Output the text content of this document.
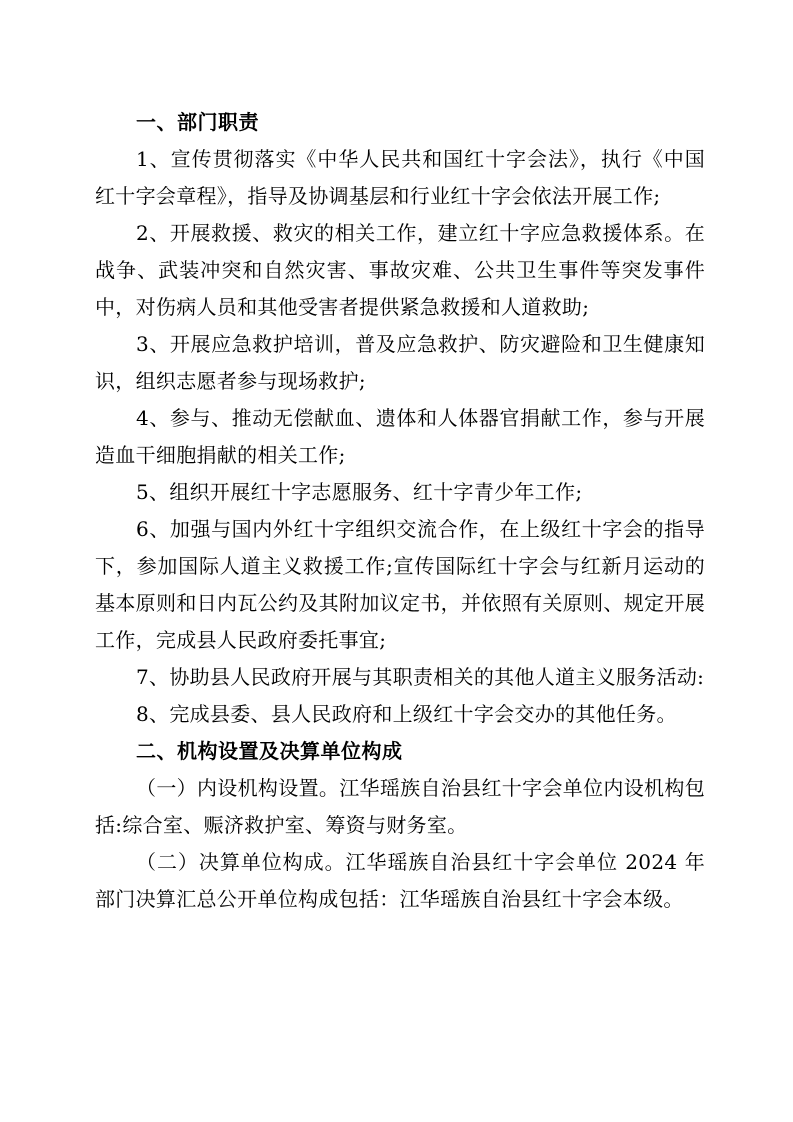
一、部门职责

1、宣传贯彻落实《中华人民共和国红十字会法》，执行《中国红十字会章程》，指导及协调基层和行业红十字会依法开展工作;

2、开展救援、救灾的相关工作，建立红十字应急救援体系。在战争、武装冲突和自然灾害、事故灾难、公共卫生事件等突发事件中，对伤病人员和其他受害者提供紧急救援和人道救助;

3、开展应急救护培训，普及应急救护、防灾避险和卫生健康知识，组织志愿者参与现场救护;

4、参与、推动无偿献血、遗体和人体器官捐献工作，参与开展造血干细胞捐献的相关工作;

5、组织开展红十字志愿服务、红十字青少年工作;

6、加强与国内外红十字组织交流合作，在上级红十字会的指导下，参加国际人道主义救援工作;宣传国际红十字会与红新月运动的基本原则和日内瓦公约及其附加议定书，并依照有关原则、规定开展工作，完成县人民政府委托事宜;

7、协助县人民政府开展与其职责相关的其他人道主义服务活动:

8、完成县委、县人民政府和上级红十字会交办的其他任务。

二、机构设置及决算单位构成

（一）内设机构设置。江华瑶族自治县红十字会单位内设机构包括:综合室、赈济救护室、筹资与财务室。

（二）决算单位构成。江华瑶族自治县红十字会单位 2024 年部门决算汇总公开单位构成包括：江华瑶族自治县红十字会本级。
